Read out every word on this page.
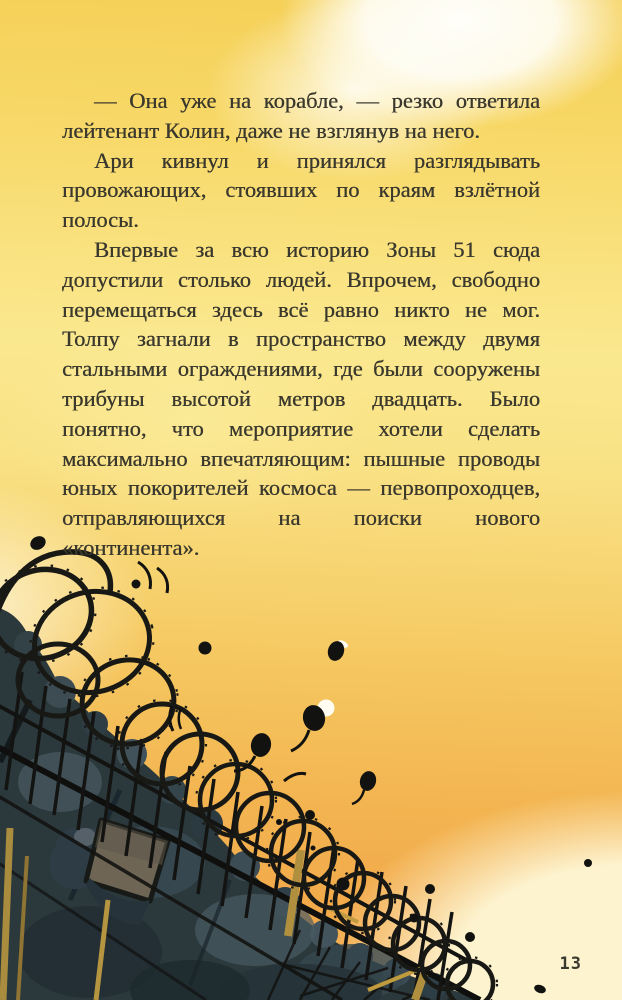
— Она уже на корабле, — резко ответила лейтенант Колин, даже не взглянув на него.

Ари кивнул и принялся разглядывать провожающих, стоявших по краям взлётной полосы.

Впервые за всю историю Зоны 51 сюда допустили столько людей. Впрочем, свободно перемещаться здесь всё равно никто не мог. Толпу загнали в пространство между двумя стальными ограждениями, где были сооружены трибуны высотой метров двадцать. Было понятно, что мероприятие хотели сделать максимально впечатляющим: пышные проводы юных покорителей космоса — первопроходцев, отправляющихся на поиски нового «континента».

13
